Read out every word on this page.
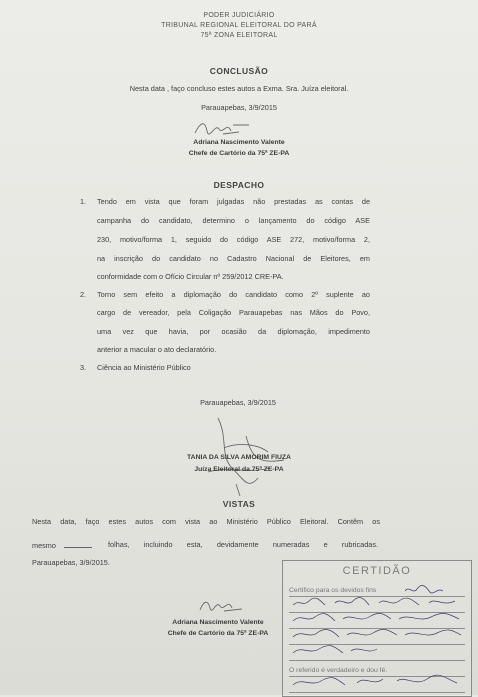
PODER JUDICIÁRIO
TRIBUNAL REGIONAL ELEITORAL DO PARÁ
75ª ZONA ELEITORAL
CONCLUSÃO
Nesta data , faço concluso estes autos a Exma. Sra. Juíza eleitoral.
Parauapebas, 3/9/2015
Adriana Nascimento Valente
Chefe de Cartório da 75ª ZE-PA
DESPACHO
1. Tendo em vista que foram julgadas não prestadas as contas de
campanha do candidato, determino o lançamento do código ASE
230, motivo/forma 1, seguido do código ASE 272, motivo/forma 2,
na inscrição do candidato no Cadastro Nacional de Eleitores, em
conformidade com o Ofício Circular nº 259/2012 CRE-PA.
2. Torno sem efeito a diplomação do candidato como 2º suplente ao
cargo de vereador, pela Coligação Parauapebas nas Mãos do Povo,
uma vez que havia, por ocasião da diplomação, impedimento
anterior a macular o ato declaratório.
3. Ciência ao Ministério Público
Parauapebas, 3/9/2015
TANIA DA SILVA AMORIM FIUZA
Juíza Eleitoral da 75ª ZE-PA
VISTAS
Nesta data, faço estes autos com vista ao Ministério Público Eleitoral. Contêm os
mesmo	folhas, incluindo esta, devidamente numeradas e rubricadas.
Parauapebas, 3/9/2015.
Adriana Nascimento Valente
Chefe de Cartório da 75ª ZE-PA
CERTIDÃO
Certifico para os devidos fins
O referido é verdadeiro e dou fé.
